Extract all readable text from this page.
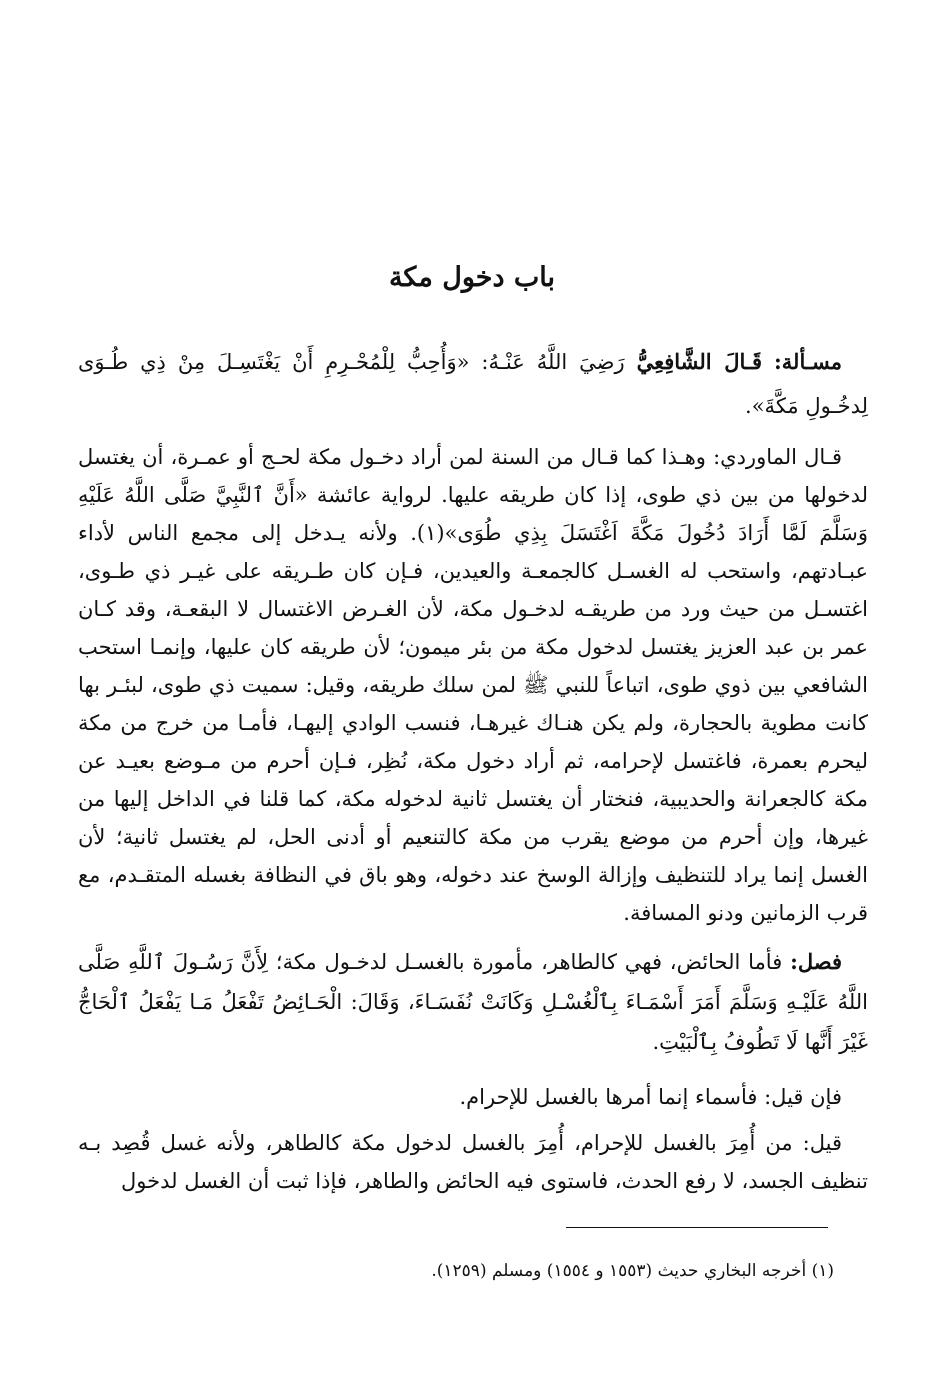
باب دخول مكة

مسـألة: قَـالَ الشَّافِعِيُّ رَضِيَ اللَّهُ عَنْـهُ: «وَأُحِبُّ لِلْمُحْـرِمِ أَنْ يَغْتَسِـلَ مِنْ ذِي طُـوَى لِدخُـولِ مَكَّةَ».

قـال الماوردي: وهـذا كما قـال من السنة لمن أراد دخـول مكة لحـج أو عمـرة، أن يغتسل لدخولها من بين ذي طوى، إذا كان طريقه عليها. لرواية عائشة «أَنَّ ٱلنَّبِيَّ صَلَّى اللَّهُ عَلَيْهِ وَسَلَّمَ لَمَّا أَرَادَ دُخُولَ مَكَّةَ اَغْتَسَلَ بِذِي طُوَى»(١). ولأنه يـدخل إلى مجمع الناس لأداء عبـادتهم، واستحب له الغسـل كالجمعـة والعيدين، فـإن كان طـريقه على غيـر ذي طـوى، اغتسـل من حيث ورد من طريقـه لدخـول مكة، لأن الغـرض الاغتسال لا البقعـة، وقد كـان عمر بن عبد العزيز يغتسل لدخول مكة من بئر ميمون؛ لأن طريقه كان عليها، وإنمـا استحب الشافعي بين ذوي طوى، اتباعاً للنبي ﷺ لمن سلك طريقه، وقيل: سميت ذي طوى، لبئـر بها كانت مطوية بالحجارة، ولم يكن هنـاك غيرهـا، فنسب الوادي إليهـا، فأمـا من خرج من مكة ليحرم بعمرة، فاغتسل لإحرامه، ثم أراد دخول مكة، نُظِر، فـإن أحرم من مـوضع بعيـد عن مكة كالجعرانة والحديبية، فنختار أن يغتسل ثانية لدخوله مكة، كما قلنا في الداخل إليها من غيرها، وإن أحرم من موضع يقرب من مكة كالتنعيم أو أدنى الحل، لم يغتسل ثانية؛ لأن الغسل إنما يراد للتنظيف وإزالة الوسخ عند دخوله، وهو باق في النظافة بغسله المتقـدم، مع قرب الزمانين ودنو المسافة.

فصل: فأما الحائض، فهي كالطاهر، مأمورة بالغسـل لدخـول مكة؛ لِأَنَّ رَسُـولَ ٱللَّهِ صَلَّى اللَّهُ عَلَيْـهِ وَسَلَّمَ أَمَرَ أَسْمَـاءَ بِٱلْغُسْـلِ وَكَانَتْ نُفَسَـاءَ، وَقَالَ: الْحَـائِضُ تَفْعَلُ مَـا يَفْعَلُ ٱلْحَاجُّ غَيْرَ أَنَّها لَا تَطُوفُ بِٱلْبَيْتِ.

فإن قيل: فأسماء إنما أمرها بالغسل للإحرام.

قيل: من أُمِرَ بالغسل للإحرام، أُمِرَ بالغسل لدخول مكة كالطاهر، ولأنه غسل قُصِد بـه تنظيف الجسد، لا رفع الحدث، فاستوى فيه الحائض والطاهر، فإذا ثبت أن الغسل لدخول

(١) أخرجه البخاري حديث (١٥٥٣ و ١٥٥٤) ومسلم (١٢٥٩).
